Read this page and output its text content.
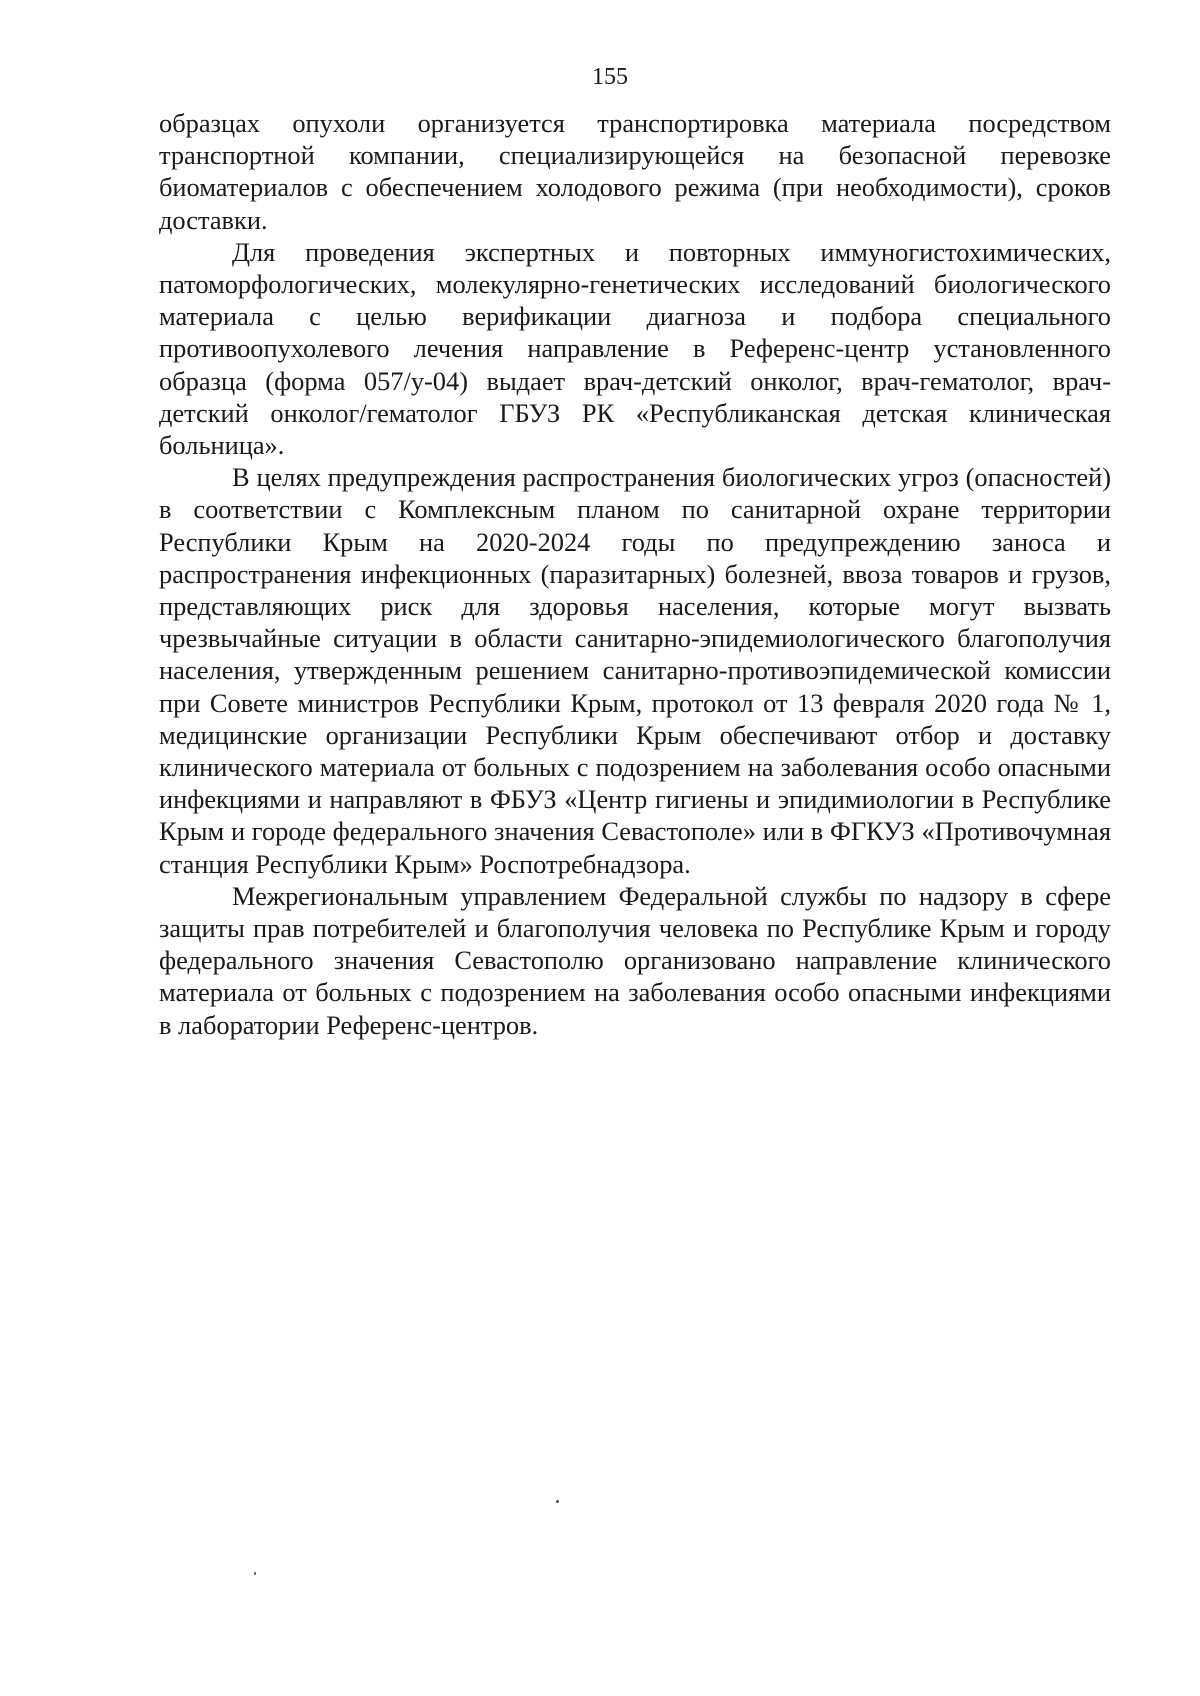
155

образцах опухоли организуется транспортировка материала посредством транспортной компании, специализирующейся на безопасной перевозке биоматериалов с обеспечением холодового режима (при необходимости), сроков доставки.

Для проведения экспертных и повторных иммуногистохимических, патоморфологических, молекулярно-генетических исследований биологического материала с целью верификации диагноза и подбора специального противоопухолевого лечения направление в Референс-центр установленного образца (форма 057/у-04) выдает врач-детский онколог, врач-гематолог, врач-детский онколог/гематолог ГБУЗ РК «Республиканская детская клиническая больница».

В целях предупреждения распространения биологических угроз (опасностей) в соответствии с Комплексным планом по санитарной охране территории Республики Крым на 2020-2024 годы по предупреждению заноса и распространения инфекционных (паразитарных) болезней, ввоза товаров и грузов, представляющих риск для здоровья населения, которые могут вызвать чрезвычайные ситуации в области санитарно-эпидемиологического благополучия населения, утвержденным решением санитарно-противоэпидемической комиссии при Совете министров Республики Крым, протокол от 13 февраля 2020 года № 1, медицинские организации Республики Крым обеспечивают отбор и доставку клинического материала от больных с подозрением на заболевания особо опасными инфекциями и направляют в ФБУЗ «Центр гигиены и эпидимиологии в Республике Крым и городе федерального значения Севастополе» или в ФГКУЗ «Противочумная станция Республики Крым» Роспотребнадзора.

Межрегиональным управлением Федеральной службы по надзору в сфере защиты прав потребителей и благополучия человека по Республике Крым и городу федерального значения Севастополю организовано направление клинического материала от больных с подозрением на заболевания особо опасными инфекциями в лаборатории Референс-центров.
